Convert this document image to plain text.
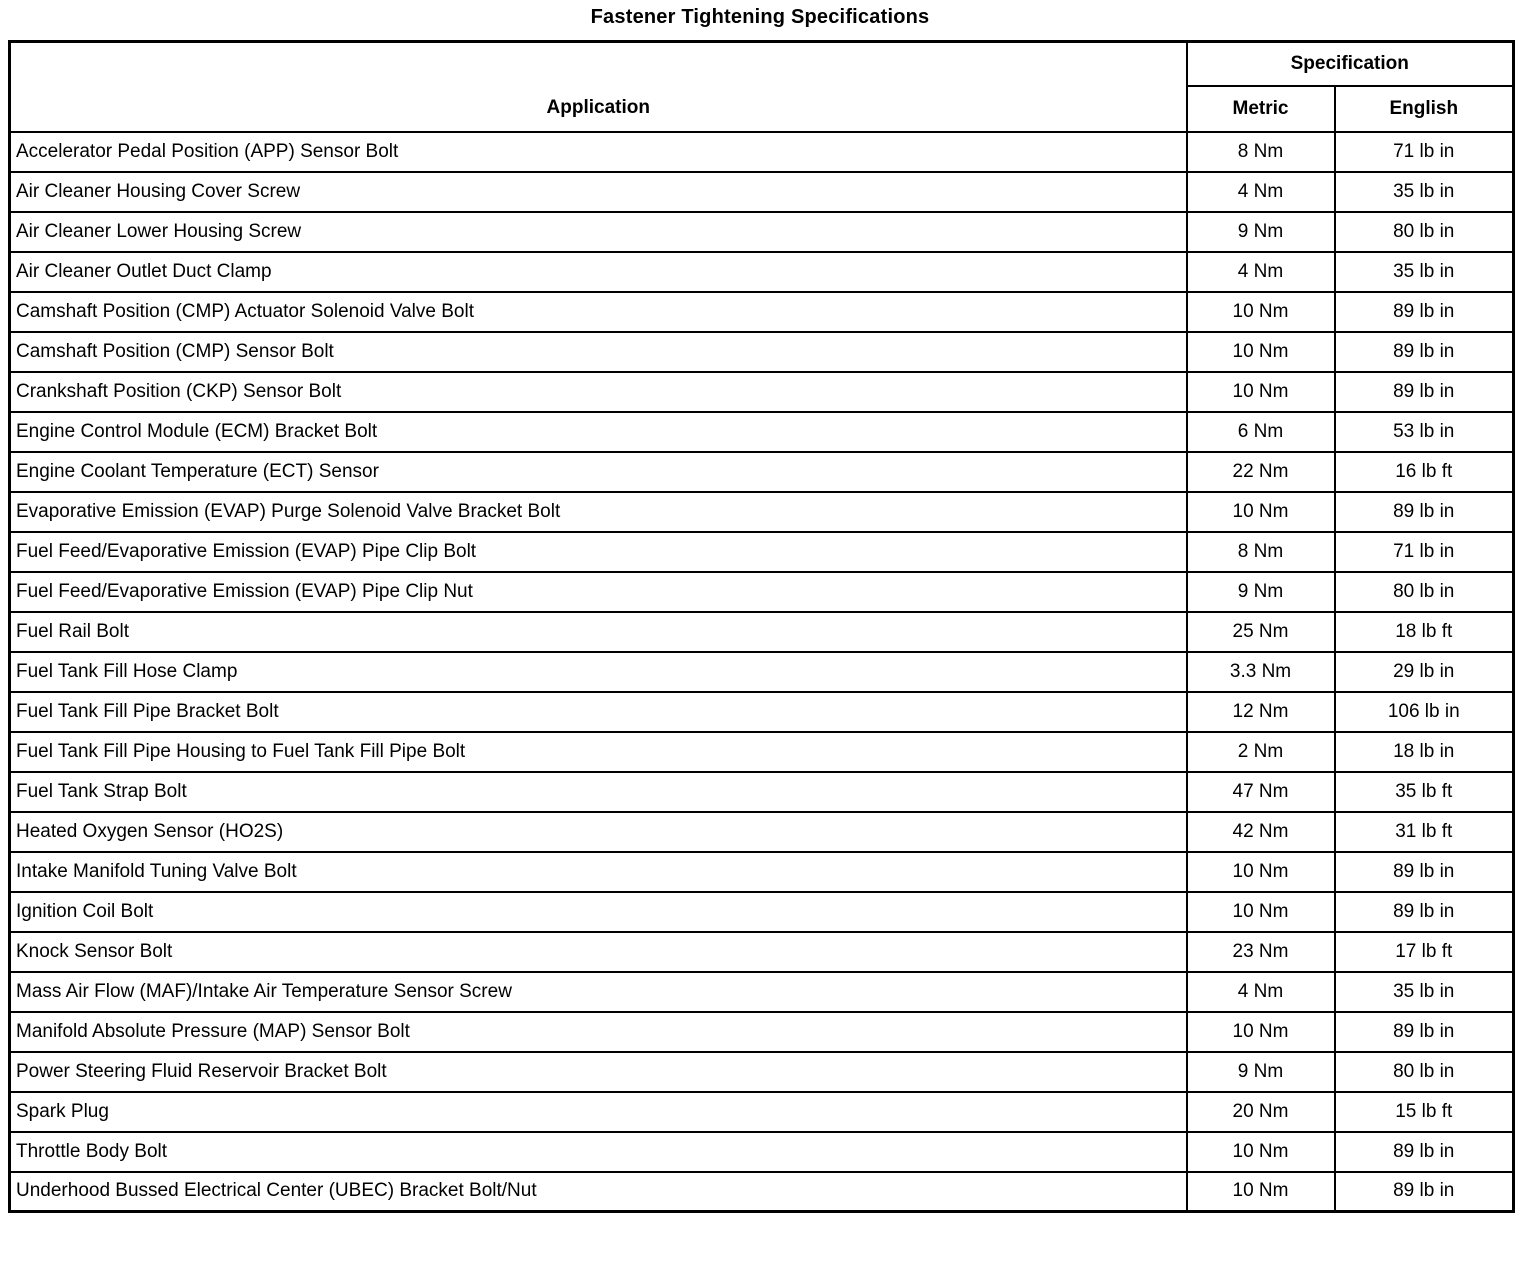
Fastener Tightening Specifications
Application	Specification	
	Metric	English
Accelerator Pedal Position (APP) Sensor Bolt	8 Nm	71 lb in
Air Cleaner Housing Cover Screw	4 Nm	35 lb in
Air Cleaner Lower Housing Screw	9 Nm	80 lb in
Air Cleaner Outlet Duct Clamp	4 Nm	35 lb in
Camshaft Position (CMP) Actuator Solenoid Valve Bolt	10 Nm	89 lb in
Camshaft Position (CMP) Sensor Bolt	10 Nm	89 lb in
Crankshaft Position (CKP) Sensor Bolt	10 Nm	89 lb in
Engine Control Module (ECM) Bracket Bolt	6 Nm	53 lb in
Engine Coolant Temperature (ECT) Sensor	22 Nm	16 lb ft
Evaporative Emission (EVAP) Purge Solenoid Valve Bracket Bolt	10 Nm	89 lb in
Fuel Feed/Evaporative Emission (EVAP) Pipe Clip Bolt	8 Nm	71 lb in
Fuel Feed/Evaporative Emission (EVAP) Pipe Clip Nut	9 Nm	80 lb in
Fuel Rail Bolt	25 Nm	18 lb ft
Fuel Tank Fill Hose Clamp	3.3 Nm	29 lb in
Fuel Tank Fill Pipe Bracket Bolt	12 Nm	106 lb in
Fuel Tank Fill Pipe Housing to Fuel Tank Fill Pipe Bolt	2 Nm	18 lb in
Fuel Tank Strap Bolt	47 Nm	35 lb ft
Heated Oxygen Sensor (HO2S)	42 Nm	31 lb ft
Intake Manifold Tuning Valve Bolt	10 Nm	89 lb in
Ignition Coil Bolt	10 Nm	89 lb in
Knock Sensor Bolt	23 Nm	17 lb ft
Mass Air Flow (MAF)/Intake Air Temperature Sensor Screw	4 Nm	35 lb in
Manifold Absolute Pressure (MAP) Sensor Bolt	10 Nm	89 lb in
Power Steering Fluid Reservoir Bracket Bolt	9 Nm	80 lb in
Spark Plug	20 Nm	15 lb ft
Throttle Body Bolt	10 Nm	89 lb in
Underhood Bussed Electrical Center (UBEC) Bracket Bolt/Nut	10 Nm	89 lb in
